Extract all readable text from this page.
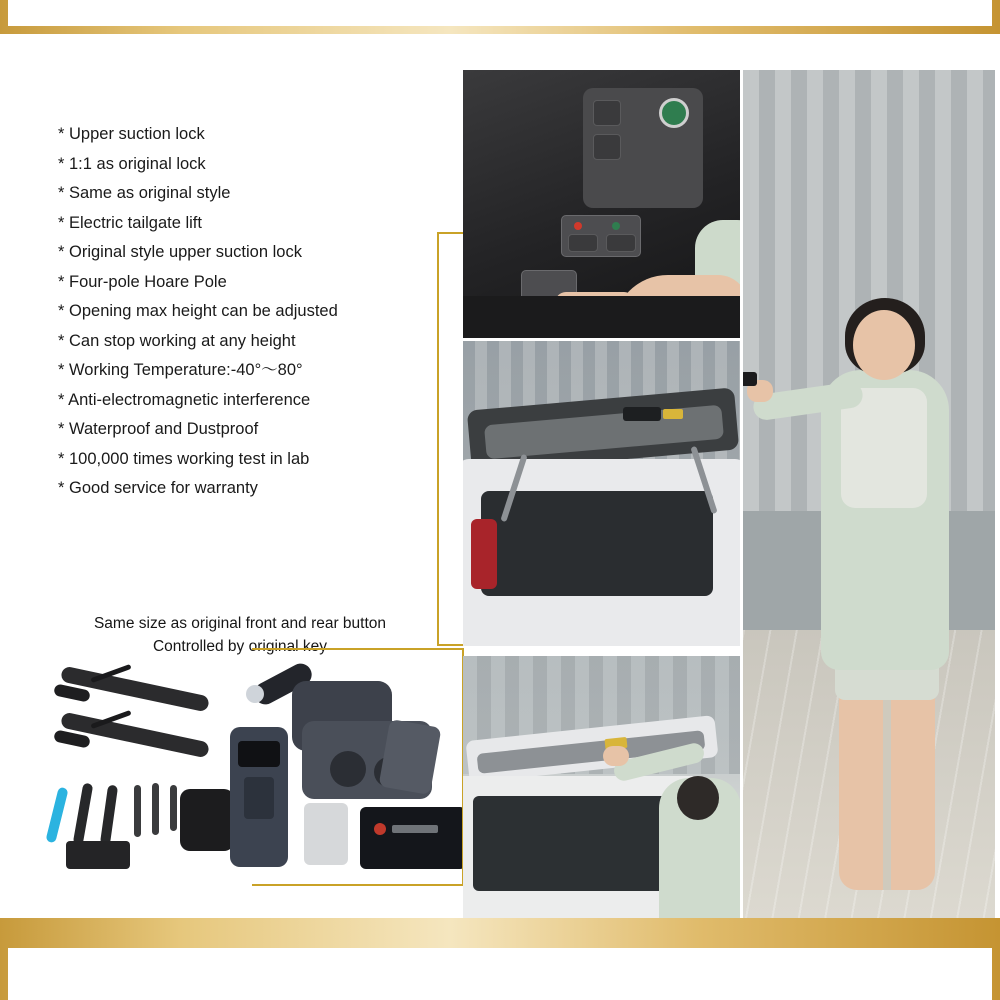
* Upper suction lock
* 1:1 as original lock
* Same as original style
* Electric tailgate lift
* Original style upper suction lock
* Four-pole Hoare Pole
* Opening max height can be adjusted
* Can stop working at any height
* Working Temperature:-40°～80°
* Anti-electromagnetic interference
* Waterproof and Dustproof
* 100,000 times working test in lab
* Good service for warranty
Same size as original front and rear button
Controlled by original key
